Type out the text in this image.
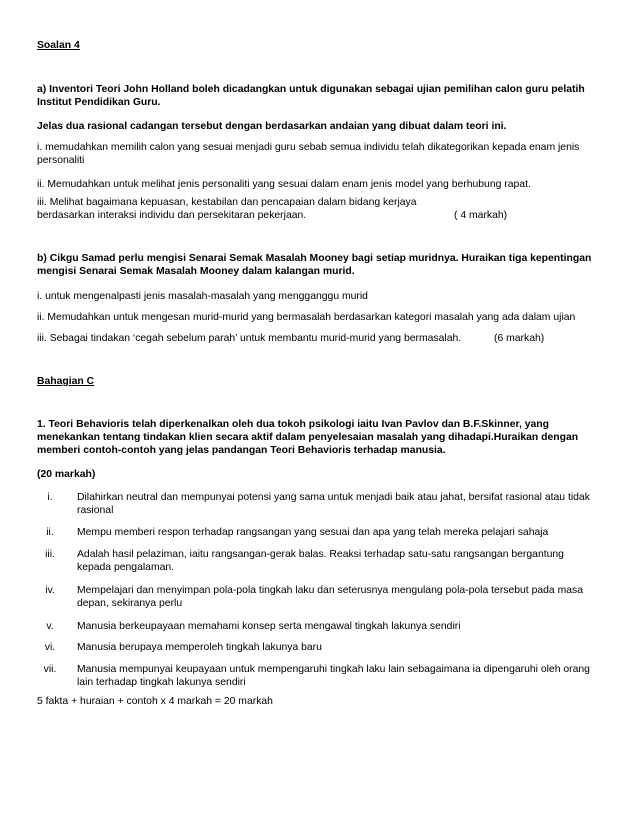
Soalan 4

a) Inventori Teori John Holland boleh dicadangkan untuk digunakan sebagai ujian pemilihan calon guru pelatih Institut Pendidikan Guru.

Jelas dua rasional cadangan tersebut dengan berdasarkan andaian yang dibuat dalam teori ini.

i. memudahkan memilih calon yang sesuai menjadi guru sebab semua individu telah dikategorikan kepada enam jenis personaliti

ii. Memudahkan untuk melihat jenis personaliti yang sesuai dalam enam jenis model yang berhubung rapat.

iii. Melihat bagaimana kepuasan, kestabilan dan pencapaian dalam bidang kerjaya berdasarkan interaksi individu dan persekitaran pekerjaan.	( 4 markah)

b) Cikgu Samad perlu mengisi Senarai Semak Masalah Mooney bagi setiap muridnya. Huraikan tiga kepentingan mengisi Senarai Semak Masalah Mooney dalam kalangan murid.

i. untuk mengenalpasti jenis masalah-masalah yang mengganggu murid

ii. Memudahkan untuk mengesan murid-murid yang bermasalah berdasarkan kategori masalah yang ada dalam ujian

iii. Sebagai tindakan ‘cegah sebelum parah’ untuk membantu murid-murid yang bermasalah.	(6 markah)

Bahagian C

1. Teori Behavioris telah diperkenalkan oleh dua tokoh psikologi iaitu Ivan Pavlov dan B.F.Skinner, yang menekankan tentang tindakan klien secara aktif dalam penyelesaian masalah yang dihadapi.Huraikan dengan memberi contoh-contoh yang jelas pandangan Teori Behavioris terhadap manusia.

(20 markah)

i.	Dilahirkan neutral dan mempunyai potensi yang sama untuk menjadi baik atau jahat, bersifat rasional atau tidak rasional
ii.	Mempu memberi respon terhadap rangsangan yang sesuai dan apa yang telah mereka pelajari sahaja
iii.	Adalah hasil pelaziman, iaitu rangsangan-gerak balas. Reaksi terhadap satu-satu rangsangan bergantung kepada pengalaman.
iv.	Mempelajari dan menyimpan pola-pola tingkah laku dan seterusnya mengulang pola-pola tersebut pada masa depan, sekiranya perlu
v.	Manusia berkeupayaan memahami konsep serta mengawal tingkah lakunya sendiri
vi.	Manusia berupaya memperoleh tingkah lakunya baru
vii.	Manusia mempunyai keupayaan untuk mempengaruhi tingkah laku lain sebagaimana ia dipengaruhi oleh orang lain terhadap tingkah lakunya sendiri

5 fakta + huraian + contoh x 4 markah = 20 markah
